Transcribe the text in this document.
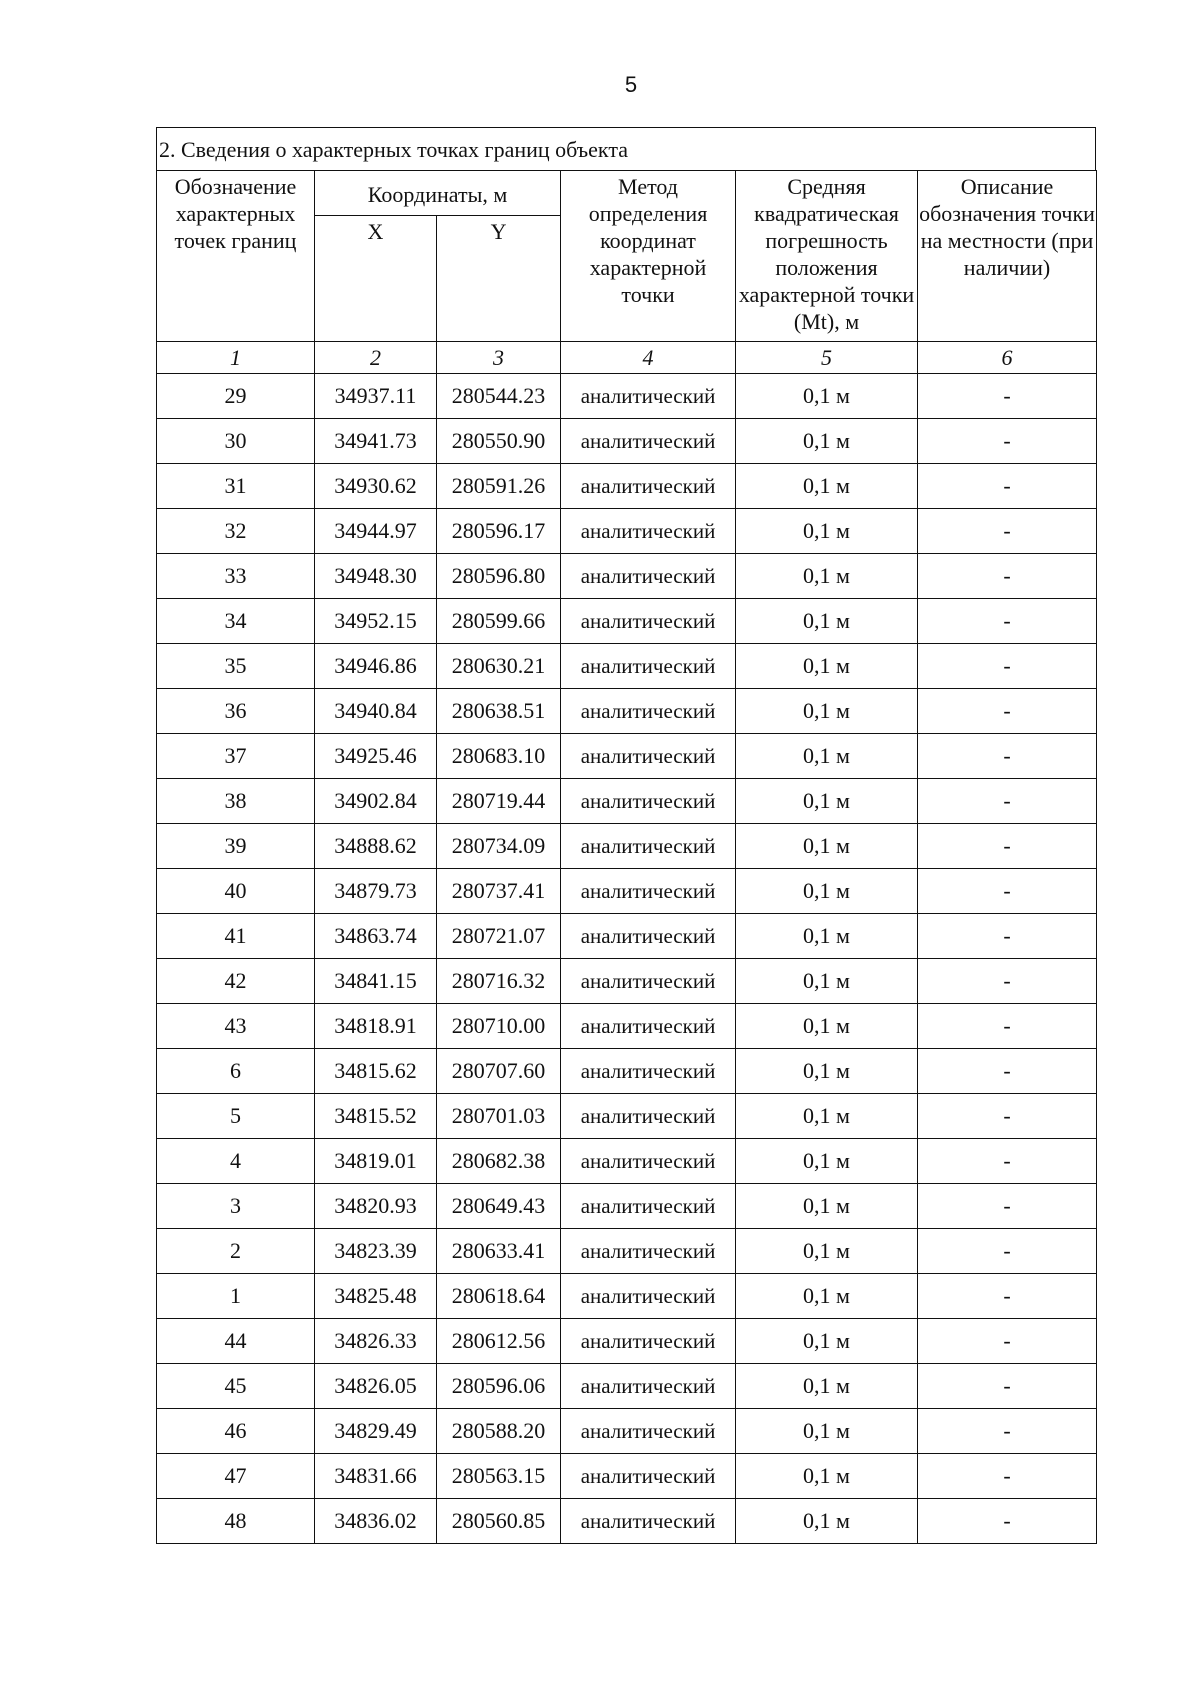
5
2. Сведения о характерных точках границ объекта
Обозначение характерных точек границ	Координаты, м		Метод определения координат характерной точки	Средняя квадратическая погрешность положения характерной точки (Mt), м	Описание обозначения точки на местности (при наличии)
	X	Y			
1	2	3	4	5	6
29	34937.11	280544.23	аналитический	0,1 м	-
30	34941.73	280550.90	аналитический	0,1 м	-
31	34930.62	280591.26	аналитический	0,1 м	-
32	34944.97	280596.17	аналитический	0,1 м	-
33	34948.30	280596.80	аналитический	0,1 м	-
34	34952.15	280599.66	аналитический	0,1 м	-
35	34946.86	280630.21	аналитический	0,1 м	-
36	34940.84	280638.51	аналитический	0,1 м	-
37	34925.46	280683.10	аналитический	0,1 м	-
38	34902.84	280719.44	аналитический	0,1 м	-
39	34888.62	280734.09	аналитический	0,1 м	-
40	34879.73	280737.41	аналитический	0,1 м	-
41	34863.74	280721.07	аналитический	0,1 м	-
42	34841.15	280716.32	аналитический	0,1 м	-
43	34818.91	280710.00	аналитический	0,1 м	-
6	34815.62	280707.60	аналитический	0,1 м	-
5	34815.52	280701.03	аналитический	0,1 м	-
4	34819.01	280682.38	аналитический	0,1 м	-
3	34820.93	280649.43	аналитический	0,1 м	-
2	34823.39	280633.41	аналитический	0,1 м	-
1	34825.48	280618.64	аналитический	0,1 м	-
44	34826.33	280612.56	аналитический	0,1 м	-
45	34826.05	280596.06	аналитический	0,1 м	-
46	34829.49	280588.20	аналитический	0,1 м	-
47	34831.66	280563.15	аналитический	0,1 м	-
48	34836.02	280560.85	аналитический	0,1 м	-
